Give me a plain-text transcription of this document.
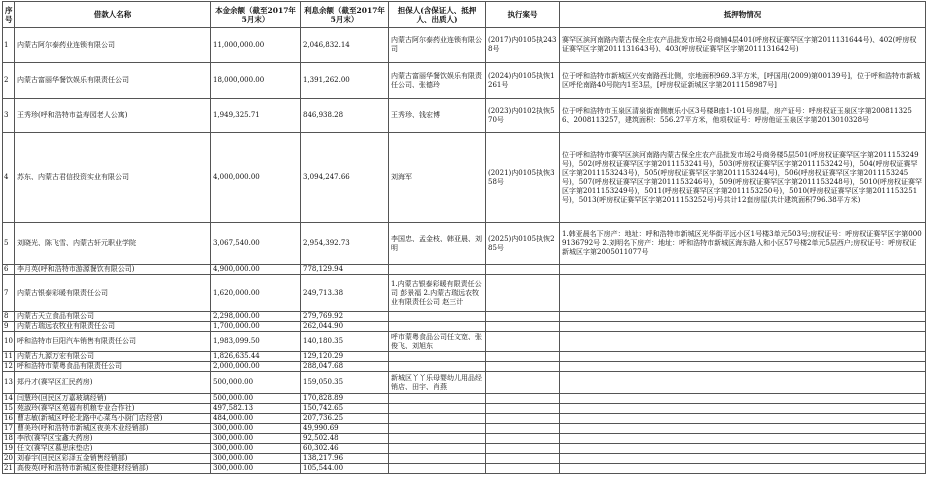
序号	借款人名称	本金余额（截至2017年5月末）	利息余额（截至2017年5月末）	担保人(含保证人、抵押人、出质人)	执行案号	抵押物情况
1	内蒙古阿尔泰药业连锁有限公司	11,000,000.00	2,046,832.14	内蒙古阿尔泰药业连锁有限公司	(2017)内0105执2438号	赛罕区滨河南路内蒙古保全庄农产品批发市场2号商铺4层401(呼房权证赛罕区字第2011131644号)、402(呼房权证赛罕区字第2011131643号)、403(呼房权证赛罕区字第2011131642号)
2	内蒙古富丽华餐饮娱乐有限责任公司	18,000,000.00	1,391,262.00	内蒙古富丽华餐饮娱乐有限责任公司、张德玲	(2024)内0105执恢1261号	位于呼和浩特市新城区兴安南路西北侧，宗地面积969.3平方米，[呼国用(2009)第00139号]，位于呼和浩特市新城区呼伦南路40号院内1至3层，[呼房权证新城区字第2011158987号]
3	王秀珍(呼和浩特市益寿园老人公寓)	1,949,325.71	846,938.28	王秀珍、钱宏博	(2023)内0102执恢570号	位于呼和浩特市玉泉区清泉街南侧康乐小区3号楼B座1-101号房屋，房产证号：呼房权证玉泉区字第2008113256、2008113257，建筑面积：556.27平方米，他项权证号：呼房他证玉泉区字第2013010328号
4	苏东、内蒙古君信投资实业有限公司	4,000,000.00	3,094,247.66	刘海军	(2021)内0105执恢358号	位于呼和浩特市赛罕区滨河南路内蒙古保全庄农产品批发市场2号商务楼5层501(呼房权证赛罕区字第2011153249号)，502(呼房权证赛罕区字第2011153241号)，503(呼房权证赛罕区字第2011153242号)，504(呼房权证赛罕区字第2011153243号)，505(呼房权证赛罕区字第2011153244号)，506(呼房权证赛罕区字第2011153245号)，507(呼房权证赛罕区字第2011153246号)，509(呼房权证赛罕区字第2011153248号)，5010(呼房权证赛罕区字第2011153249号)，5011(呼房权证赛罕区字第2011153250号)，5010(呼房权证赛罕区字第2011153251号)，5013(呼房权证赛罕区字第2011153252号)号共计12套房屋(共计建筑面积796.38平方米)
5	刘晓光、陈飞雪、内蒙古轩元职业学院	3,067,540.00	2,954,392.73	李国忠、孟金枝、韩亚晨、刘明	(2025)内0105执恢285号	1.韩亚晨名下房产：地址：呼和浩特市新城区光华街平远小区1号楼3单元503号;房权证号：呼房权证赛罕区字第0009136792号 2.刘明名下房产：地址：呼和浩特市新城区海东路人和小区57号楼2单元5层西户;房权证号：呼房权证新城区字第2005011077号
6	李月英(呼和浩特市游源餐饮有限公司)	4,900,000.00	778,129.94			
7	内蒙古银泰彩暖有限责任公司	1,620,000.00	249,713.38	1.内蒙古银泰彩暖有限责任公司 彭景福 2.内蒙古瑞远农牧业有限责任公司 赵三计		
8	内蒙古天立食品有限公司	2,298,000.00	279,769.92			
9	内蒙古瑞远农牧业有限责任公司	1,700,000.00	262,044.90			
10	呼和浩特市巨阳汽车销售有限责任公司	1,983,099.50	140,180.35	呼市蒙粤食品公司任文宽、张俊飞、刘旭东		
11	内蒙古九源万宏有限公司	1,826,635.44	129,120.29			
12	呼和浩特市蒙粤食品有限责任公司	2,000,000.00	288,047.68			
13	郑丹才(赛罕区汇民药房)	500,000.00	159,050.35	新城区丫丫乐母婴幼儿用品经销店、田宇、肖燕		
14	闫慧玲(回民区万嘉玻璃经销)	500,000.00	170,828.89			
15	苑淑玲(赛罕区苑福有机粮专业合作社)	497,582.13	150,742.65			
16	曹志敏(新城区呼伦北路中心菜鸟小厨门店经营)	484,000.00	207,736.25			
17	曹美玲(呼和浩特市新城区夜美木业经销部)	300,000.00	49,990.69			
18	李欣(赛罕区宝鑫大药房)	300,000.00	92,502.48			
19	任文(赛罕区慕思床垫店)	300,000.00	60,302.46			
20	刘春宇(回民区彩泽五金销售经销部)	300,000.00	138,217.96			
21	高俊英(呼和浩特市新城区俊佳建材经销部)	300,000.00	105,544.00			
